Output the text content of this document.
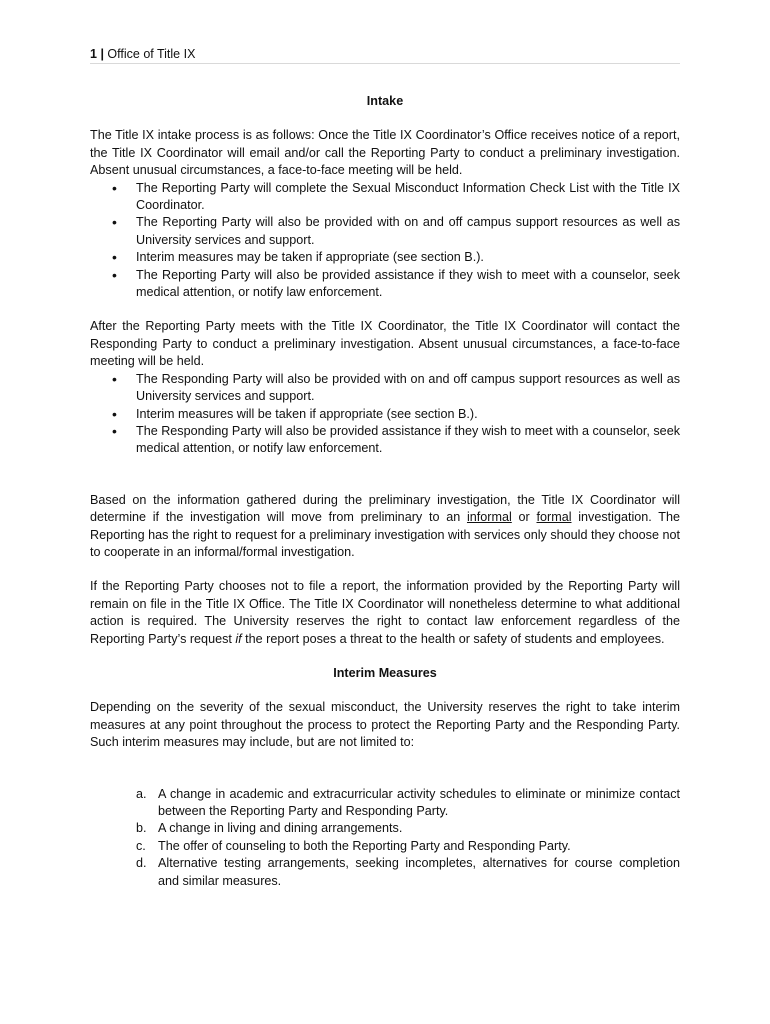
1 | Office of Title IX
Intake

The Title IX intake process is as follows: Once the Title IX Coordinator’s Office receives notice of a report, the Title IX Coordinator will email and/or call the Reporting Party to conduct a preliminary investigation. Absent unusual circumstances, a face-to-face meeting will be held.

• The Reporting Party will complete the Sexual Misconduct Information Check List with the Title IX Coordinator.
• The Reporting Party will also be provided with on and off campus support resources as well as University services and support.
• Interim measures may be taken if appropriate (see section B.).
• The Reporting Party will also be provided assistance if they wish to meet with a counselor, seek medical attention, or notify law enforcement.

After the Reporting Party meets with the Title IX Coordinator, the Title IX Coordinator will contact the Responding Party to conduct a preliminary investigation. Absent unusual circumstances, a face-to-face meeting will be held.

• The Responding Party will also be provided with on and off campus support resources as well as University services and support.
• Interim measures will be taken if appropriate (see section B.).
• The Responding Party will also be provided assistance if they wish to meet with a counselor, seek medical attention, or notify law enforcement.

Based on the information gathered during the preliminary investigation, the Title IX Coordinator will determine if the investigation will move from preliminary to an informal or formal investigation. The Reporting has the right to request for a preliminary investigation with services only should they choose not to cooperate in an informal/formal investigation.

If the Reporting Party chooses not to file a report, the information provided by the Reporting Party will remain on file in the Title IX Office. The Title IX Coordinator will nonetheless determine to what additional action is required. The University reserves the right to contact law enforcement regardless of the Reporting Party’s request if the report poses a threat to the health or safety of students and employees.

Interim Measures

Depending on the severity of the sexual misconduct, the University reserves the right to take interim measures at any point throughout the process to protect the Reporting Party and the Responding Party. Such interim measures may include, but are not limited to:

a. A change in academic and extracurricular activity schedules to eliminate or minimize contact between the Reporting Party and Responding Party.
b. A change in living and dining arrangements.
c. The offer of counseling to both the Reporting Party and Responding Party.
d. Alternative testing arrangements, seeking incompletes, alternatives for course completion and similar measures.
